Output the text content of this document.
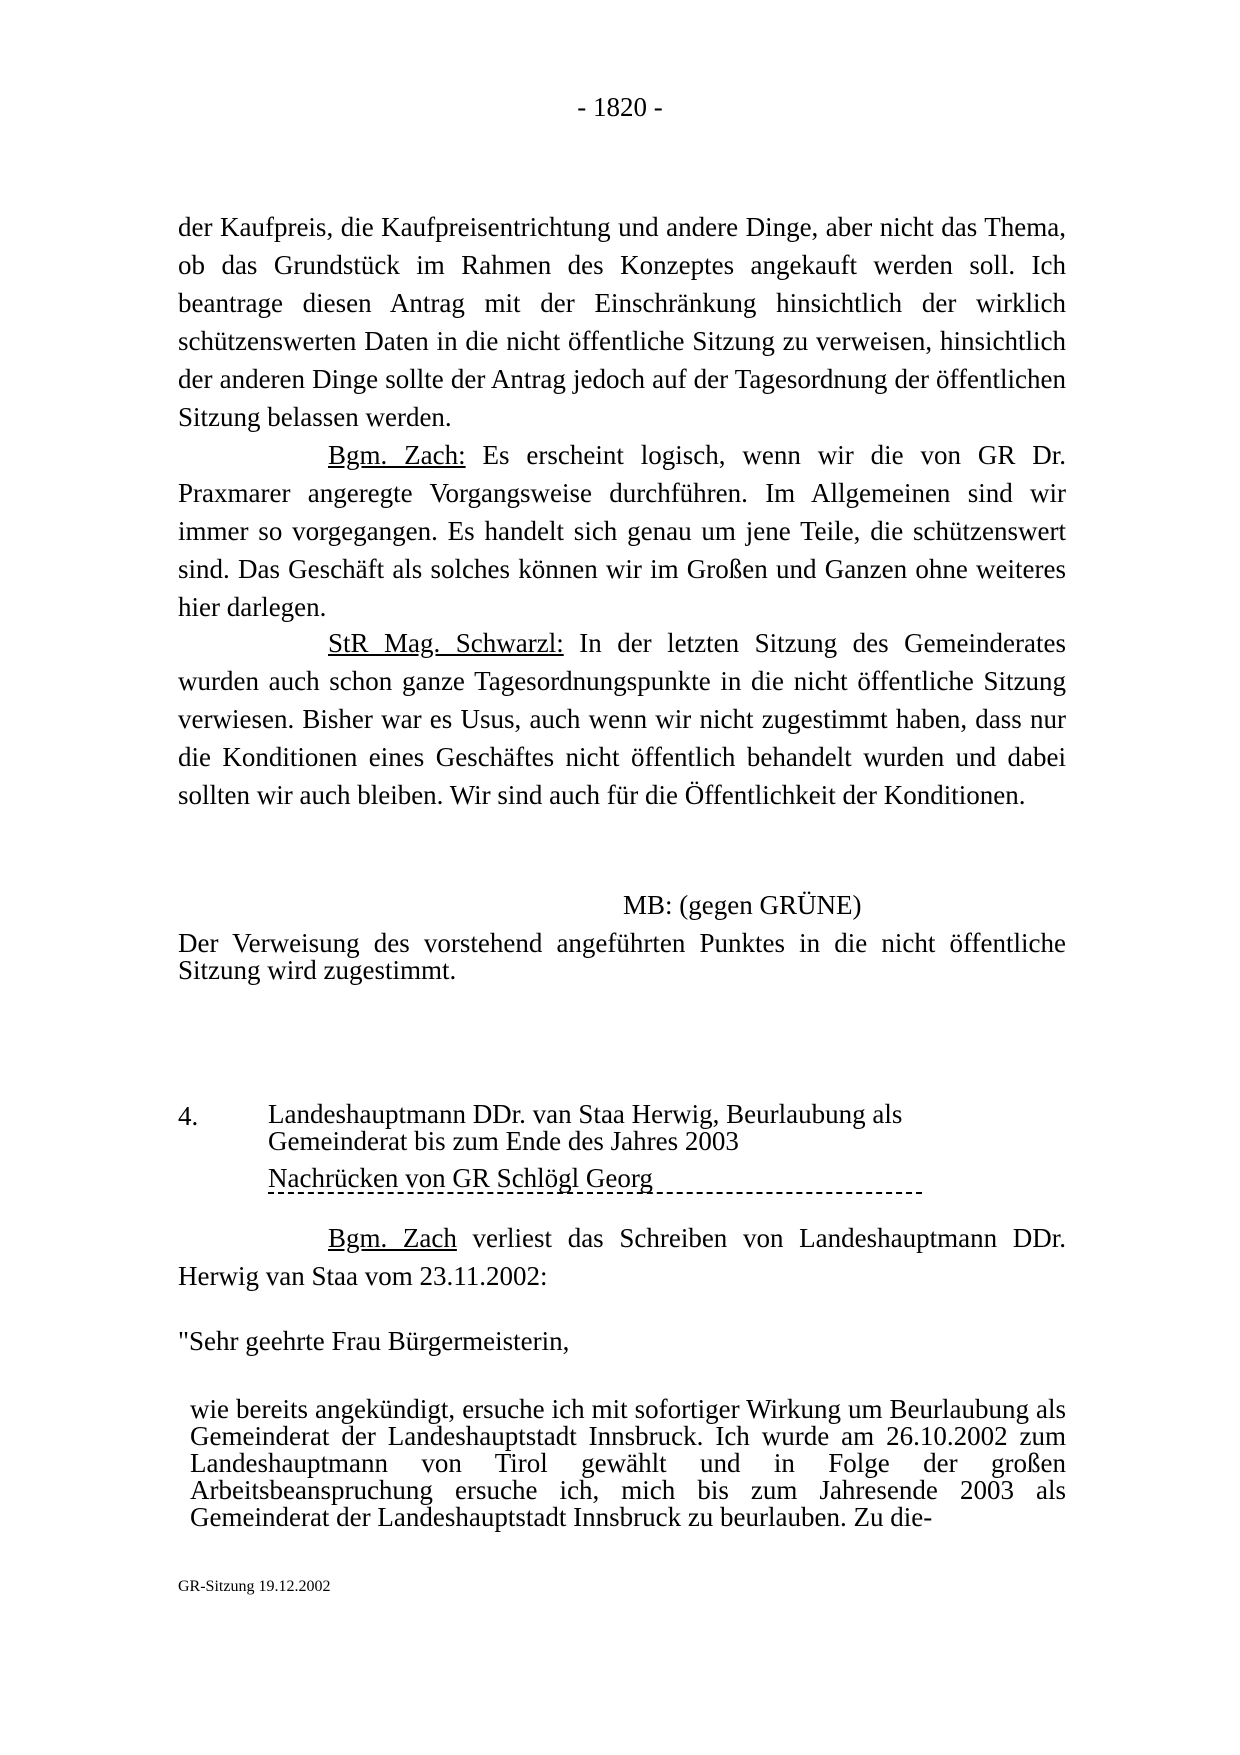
- 1820 -

der Kaufpreis, die Kaufpreisentrichtung und andere Dinge, aber nicht das Thema, ob das Grundstück im Rahmen des Konzeptes angekauft werden soll. Ich beantrage diesen Antrag mit der Einschränkung hinsichtlich der wirklich schützenswerten Daten in die nicht öffentliche Sitzung zu verweisen, hinsichtlich der anderen Dinge sollte der Antrag jedoch auf der Tagesordnung der öffentlichen Sitzung belassen werden.

Bgm. Zach: Es erscheint logisch, wenn wir die von GR Dr. Praxmarer angeregte Vorgangsweise durchführen. Im Allgemeinen sind wir immer so vorgegangen. Es handelt sich genau um jene Teile, die schützenswert sind. Das Geschäft als solches können wir im Großen und Ganzen ohne weiteres hier darlegen.

StR Mag. Schwarzl: In der letzten Sitzung des Gemeinderates wurden auch schon ganze Tagesordnungspunkte in die nicht öffentliche Sitzung verwiesen. Bisher war es Usus, auch wenn wir nicht zugestimmt haben, dass nur die Konditionen eines Geschäftes nicht öffentlich behandelt wurden und dabei sollten wir auch bleiben. Wir sind auch für die Öffentlichkeit der Konditionen.

MB: (gegen GRÜNE)

Der Verweisung des vorstehend angeführten Punktes in die nicht öffentliche Sitzung wird zugestimmt.

4.	Landeshauptmann DDr. van Staa Herwig, Beurlaubung als Gemeinderat bis zum Ende des Jahres 2003
Nachrücken von GR Schlögl Georg

Bgm. Zach verliest das Schreiben von Landeshauptmann DDr. Herwig van Staa vom 23.11.2002:

"Sehr geehrte Frau Bürgermeisterin,

wie bereits angekündigt, ersuche ich mit sofortiger Wirkung um Beurlaubung als Gemeinderat der Landeshauptstadt Innsbruck. Ich wurde am 26.10.2002 zum Landeshauptmann von Tirol gewählt und in Folge der großen Arbeitsbeanspruchung ersuche ich, mich bis zum Jahresende 2003 als Gemeinderat der Landeshauptstadt Innsbruck zu beurlauben. Zu die-

GR-Sitzung 19.12.2002
